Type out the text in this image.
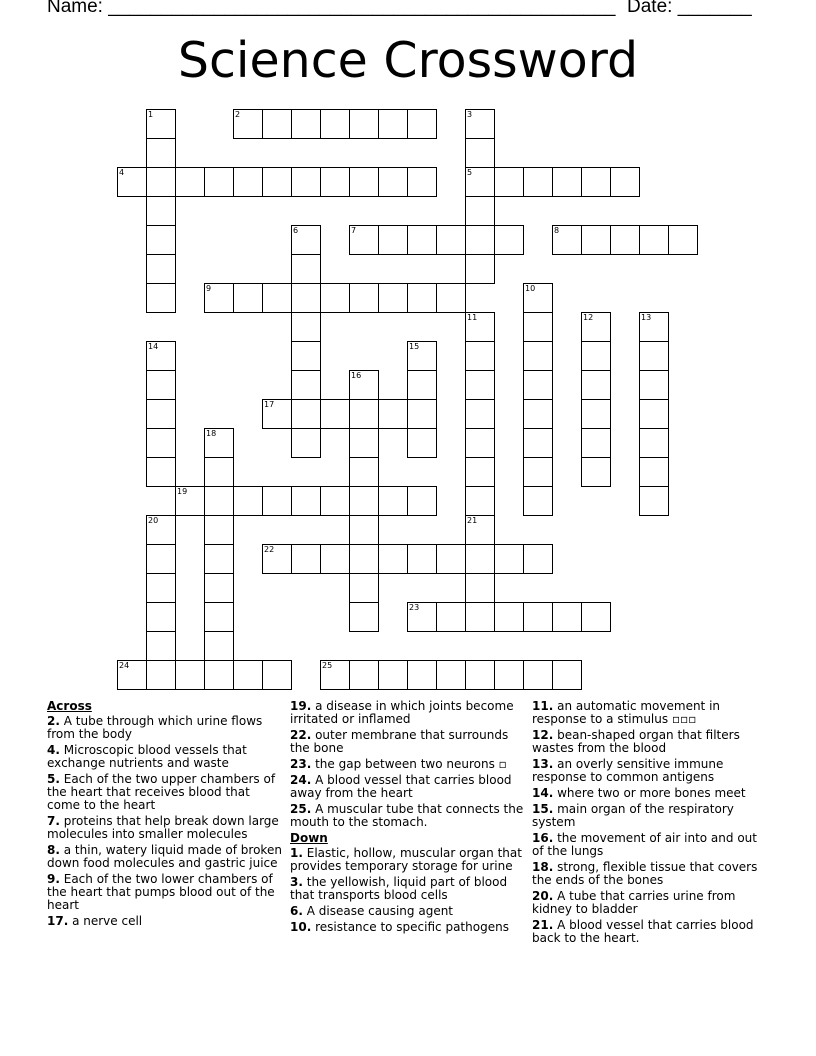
Name: ________________________________________________ Date: _______
Science Crossword
1	2	3
4	5
6	7	8
9	10
11	12	13
14	15
16
17
18
19
20	21
22
23
24	25
Across
2. A tube through which urine flows from the body
4. Microscopic blood vessels that exchange nutrients and waste
5. Each of the two upper chambers of the heart that receives blood that come to the heart
7. proteins that help break down large molecules into smaller molecules
8. a thin, watery liquid made of broken down food molecules and gastric juice
9. Each of the two lower chambers of the heart that pumps blood out of the heart
17. a nerve cell
19. a disease in which joints become irritated or inflamed
22. outer membrane that surrounds the bone
23. the gap between two neurons ▫
24. A blood vessel that carries blood away from the heart
25. A muscular tube that connects the mouth to the stomach.
Down
1. Elastic, hollow, muscular organ that provides temporary storage for urine
3. the yellowish, liquid part of blood that transports blood cells
6. A disease causing agent
10. resistance to specific pathogens
11. an automatic movement in response to a stimulus ▫▫▫
12. bean-shaped organ that filters wastes from the blood
13. an overly sensitive immune response to common antigens
14. where two or more bones meet
15. main organ of the respiratory system
16. the movement of air into and out of the lungs
18. strong, flexible tissue that covers the ends of the bones
20. A tube that carries urine from kidney to bladder
21. A blood vessel that carries blood back to the heart.
